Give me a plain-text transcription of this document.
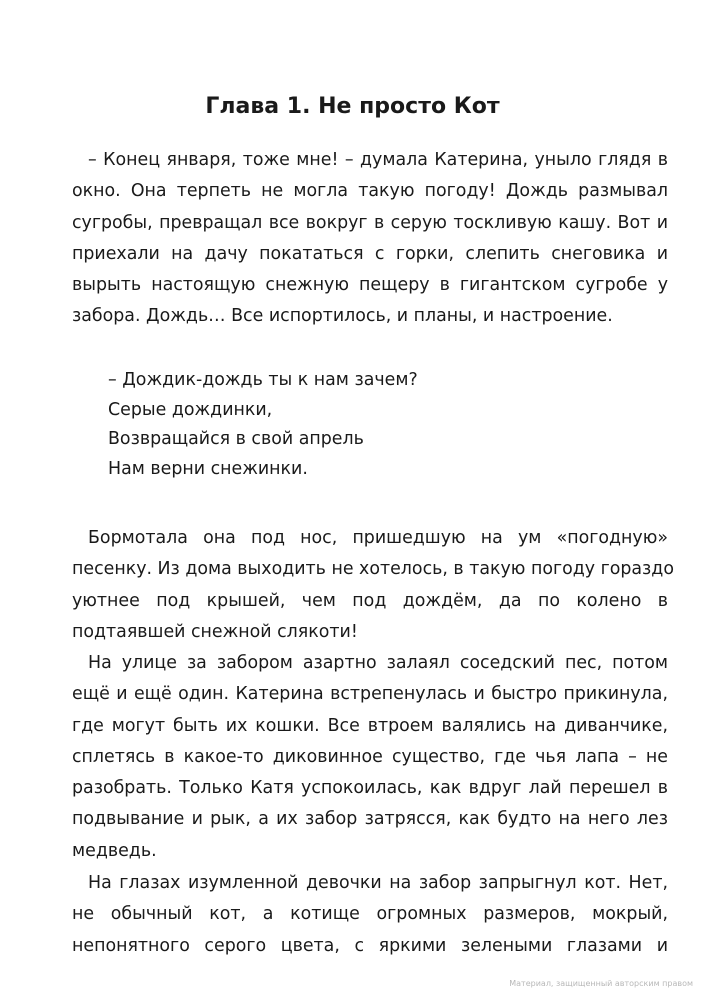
Глава 1. Не просто Кот

– Конец января, тоже мне! – думала Катерина, уныло глядя в
окно. Она терпеть не могла такую погоду! Дождь размывал
сугробы, превращал все вокруг в серую тоскливую кашу. Вот и
приехали на дачу покататься с горки, слепить снеговика и
вырыть настоящую снежную пещеру в гигантском сугробе у
забора. Дождь… Все испортилось, и планы, и настроение.

– Дождик-дождь ты к нам зачем?
Серые дождинки,
Возвращайся в свой апрель
Нам верни снежинки.

Бормотала она под нос, пришедшую на ум «погодную»
песенку. Из дома выходить не хотелось, в такую погоду гораздо
уютнее под крышей, чем под дождём, да по колено в
подтаявшей снежной слякоти!

На улице за забором азартно залаял соседский пес, потом
ещё и ещё один. Катерина встрепенулась и быстро прикинула,
где могут быть их кошки. Все втроем валялись на диванчике,
сплетясь в какое-то диковинное существо, где чья лапа – не
разобрать. Только Катя успокоилась, как вдруг лай перешел в
подвывание и рык, а их забор затрясся, как будто на него лез
медведь.

На глазах изумленной девочки на забор запрыгнул кот. Нет,
не обычный кот, а котище огромных размеров, мокрый,
непонятного серого цвета, с яркими зелеными глазами и

Материал, защищенный авторским правом
